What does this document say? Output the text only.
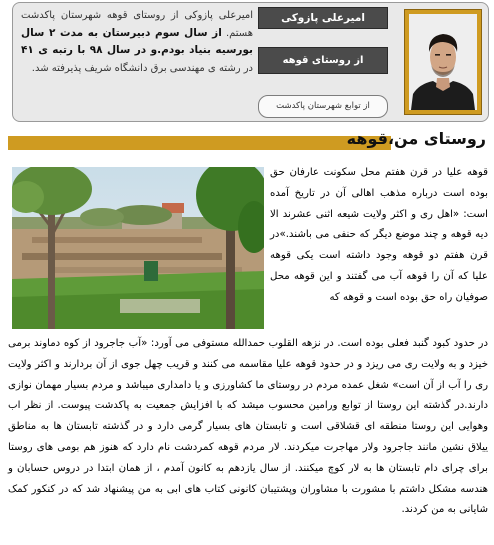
امیرعلی پازوکی
از روستای قوهه
از توابع شهرستان پاکدشت
امیرعلی پازوکی از روستای قوهه شهرستان پاکدشت هستم. از سال سوم دبیرستان به مدت ۲ سال بورسیه بنیاد بودم.و در سال ۹۸ با رتبه ی ۴۱ در رشته ی مهندسی برق دانشگاه شریف پذیرفته شد.
روستای من،قوهه

قوهه علیا در قرن هفتم محل سکونت عارفان حق بوده است درباره مذهب اهالی آن در تاریخ آمده است: «اهل ری و اکثر ولایت شیعه اثنی عشرند الا دیه قوهه و چند موضع دیگر که حنفی می باشند.»در قرن هفتم دو قوهه وجود داشته است یکی قوهه علیا که آن را قوهه آب می گفتند و این قوهه محل صوفیان راه حق بوده است و قوهه که

در حدود کبود گنبد فعلی بوده است. در نزهه القلوب حمدالله مستوفی می آورد: «آب جاجرود از کوه دماوند برمی خیزد و به ولایت ری می ریزد و در حدود قوهه علیا مقاسمه می کنند و قریب چهل جوی از آن بردارند و اکثر ولایت ری را آب از آن است» شغل عمده مردم در روستای ما کشاورزی و یا دامداری میباشد و مردم بسیار مهمان نوازی دارند.در گذشته این روستا از توابع ورامین محسوب میشد که با افزایش جمعیت به پاکدشت پیوست. از نظر اب وهوایی این روستا منطقه ای قشلاقی است و تابستان های بسیار گرمی دارد و در گذشته تابستان ها به مناطق ییلاق نشین مانند جاجرود ولار مهاجرت میکردند. لار مردم قوهه کمردشت نام دارد که هنوز هم بومی های روستا برای چرای دام تابستان ها به لار کوچ میکنند. از سال یازدهم به کانون آمدم ، از همان ابتدا در دروس حسابان و هندسه مشکل داشتم با مشورت با مشاوران وپشتیبان کانونی کتاب های ابی به من پیشنهاد شد که در کنکور کمک شایانی به من کردند.
